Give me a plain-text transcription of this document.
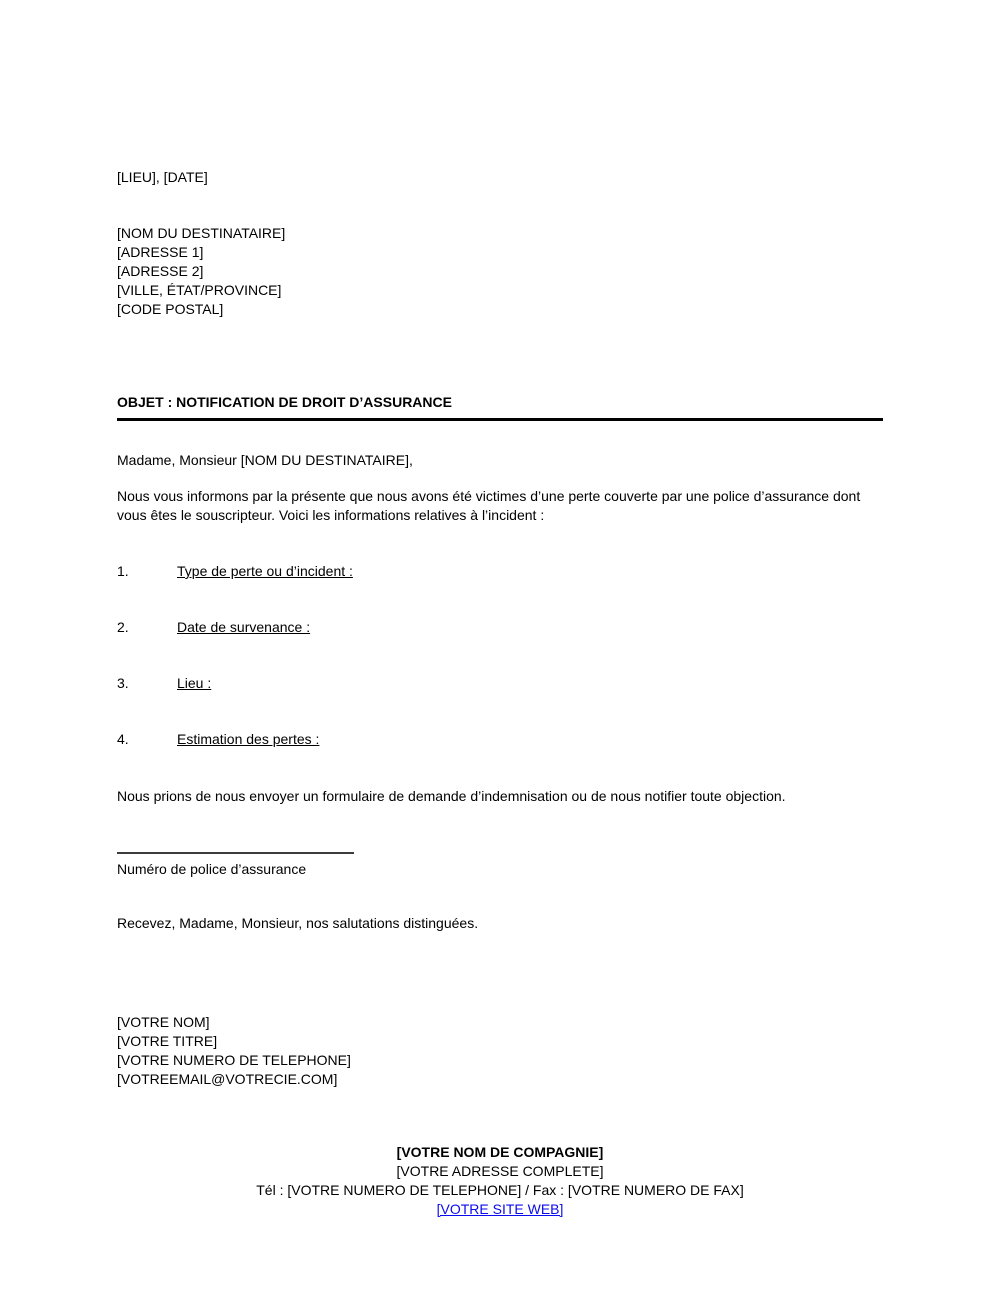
[LIEU], [DATE]
[NOM DU DESTINATAIRE]
[ADRESSE 1]
[ADRESSE 2]
[VILLE, ÉTAT/PROVINCE]
[CODE POSTAL]
OBJET : NOTIFICATION DE DROIT D’ASSURANCE
Madame, Monsieur [NOM DU DESTINATAIRE],
Nous vous informons par la présente que nous avons été victimes d’une perte couverte par une police d’assurance dont vous êtes le souscripteur. Voici les informations relatives à l’incident :
1.	Type de perte ou d’incident :
2.	Date de survenance :
3.	Lieu :
4.	Estimation des pertes :
Nous prions de nous envoyer un formulaire de demande d’indemnisation ou de nous notifier toute objection.
Numéro de police d’assurance
Recevez, Madame, Monsieur, nos salutations distinguées.
[VOTRE NOM]
[VOTRE TITRE]
[VOTRE NUMERO DE TELEPHONE]
[VOTREEMAIL@VOTRECIE.COM]
[VOTRE NOM DE COMPAGNIE]
[VOTRE ADRESSE COMPLETE]
Tél : [VOTRE NUMERO DE TELEPHONE] / Fax : [VOTRE NUMERO DE FAX]
[VOTRE SITE WEB]
